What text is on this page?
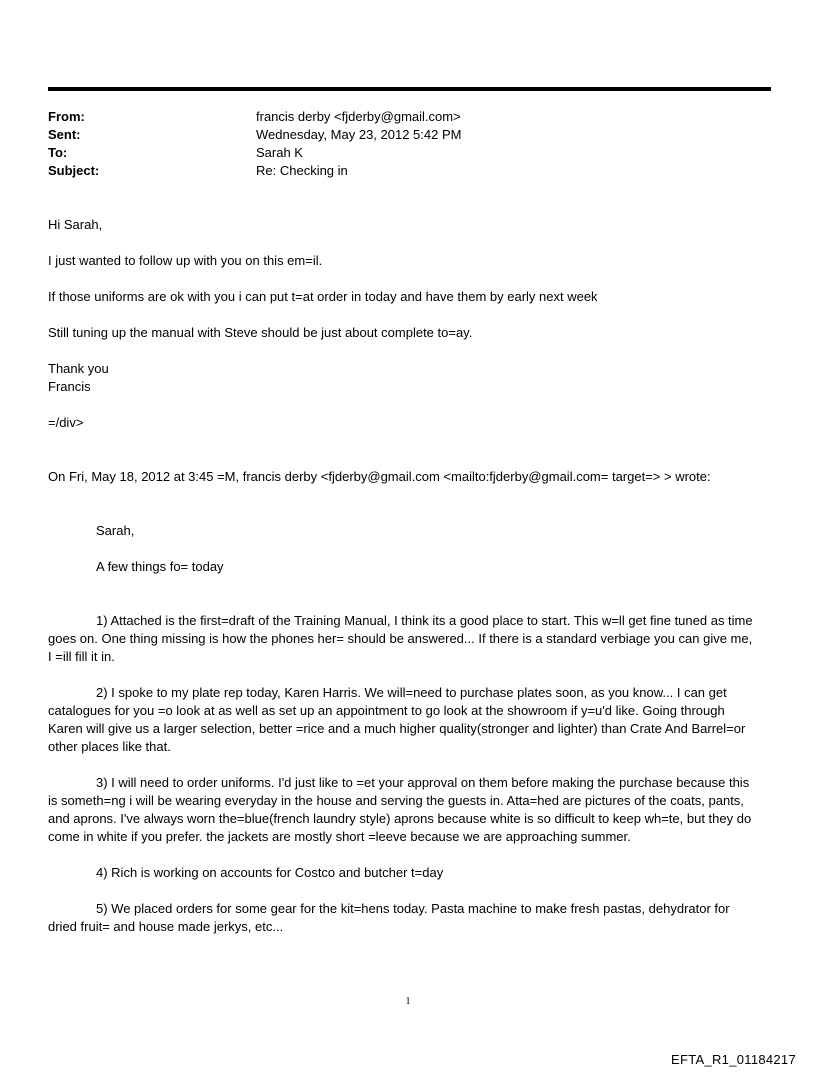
From:	francis derby <fjderby@gmail.com>
Sent:	Wednesday, May 23, 2012 5:42 PM
To:	Sarah K
Subject:	Re: Checking in

Hi Sarah,

I just wanted to follow up with you on this em=il.

If those uniforms are ok with you i can put t=at order in today and have them by early next week

Still tuning up the manual with Steve should be just about complete to=ay.

Thank you

Francis

=/div>

On Fri, May 18, 2012 at 3:45 =M, francis derby <fjderby@gmail.com <mailto:fjderby@gmail.com= target=> > wrote:

Sarah,

A few things fo= today

1) Attached is the first=draft of the Training Manual, I think its a good place to start. This w=ll get fine tuned as time goes on. One thing missing is how the phones her= should be answered... If there is a standard verbiage you can give me, I =ill fill it in.

2) I spoke to my plate rep today, Karen Harris. We will=need to purchase plates soon, as you know... I can get catalogues for you =o look at as well as set up an appointment to go look at the showroom if y=u'd like. Going through Karen will give us a larger selection, better =rice and a much higher quality(stronger and lighter) than Crate And Barrel=or other places like that.

3) I will need to order uniforms. I'd just like to =et your approval on them before making the purchase because this is someth=ng i will be wearing everyday in the house and serving the guests in. Atta=hed are pictures of the coats, pants, and aprons. I've always worn the=blue(french laundry style) aprons because white is so difficult to keep wh=te, but they do come in white if you prefer. the jackets are mostly short =leeve because we are approaching summer.

4) Rich is working on accounts for Costco and butcher t=day

5) We placed orders for some gear for the kit=hens today. Pasta machine to make fresh pastas, dehydrator for dried fruit= and house made jerkys, etc...

1
EFTA_R1_01184217
